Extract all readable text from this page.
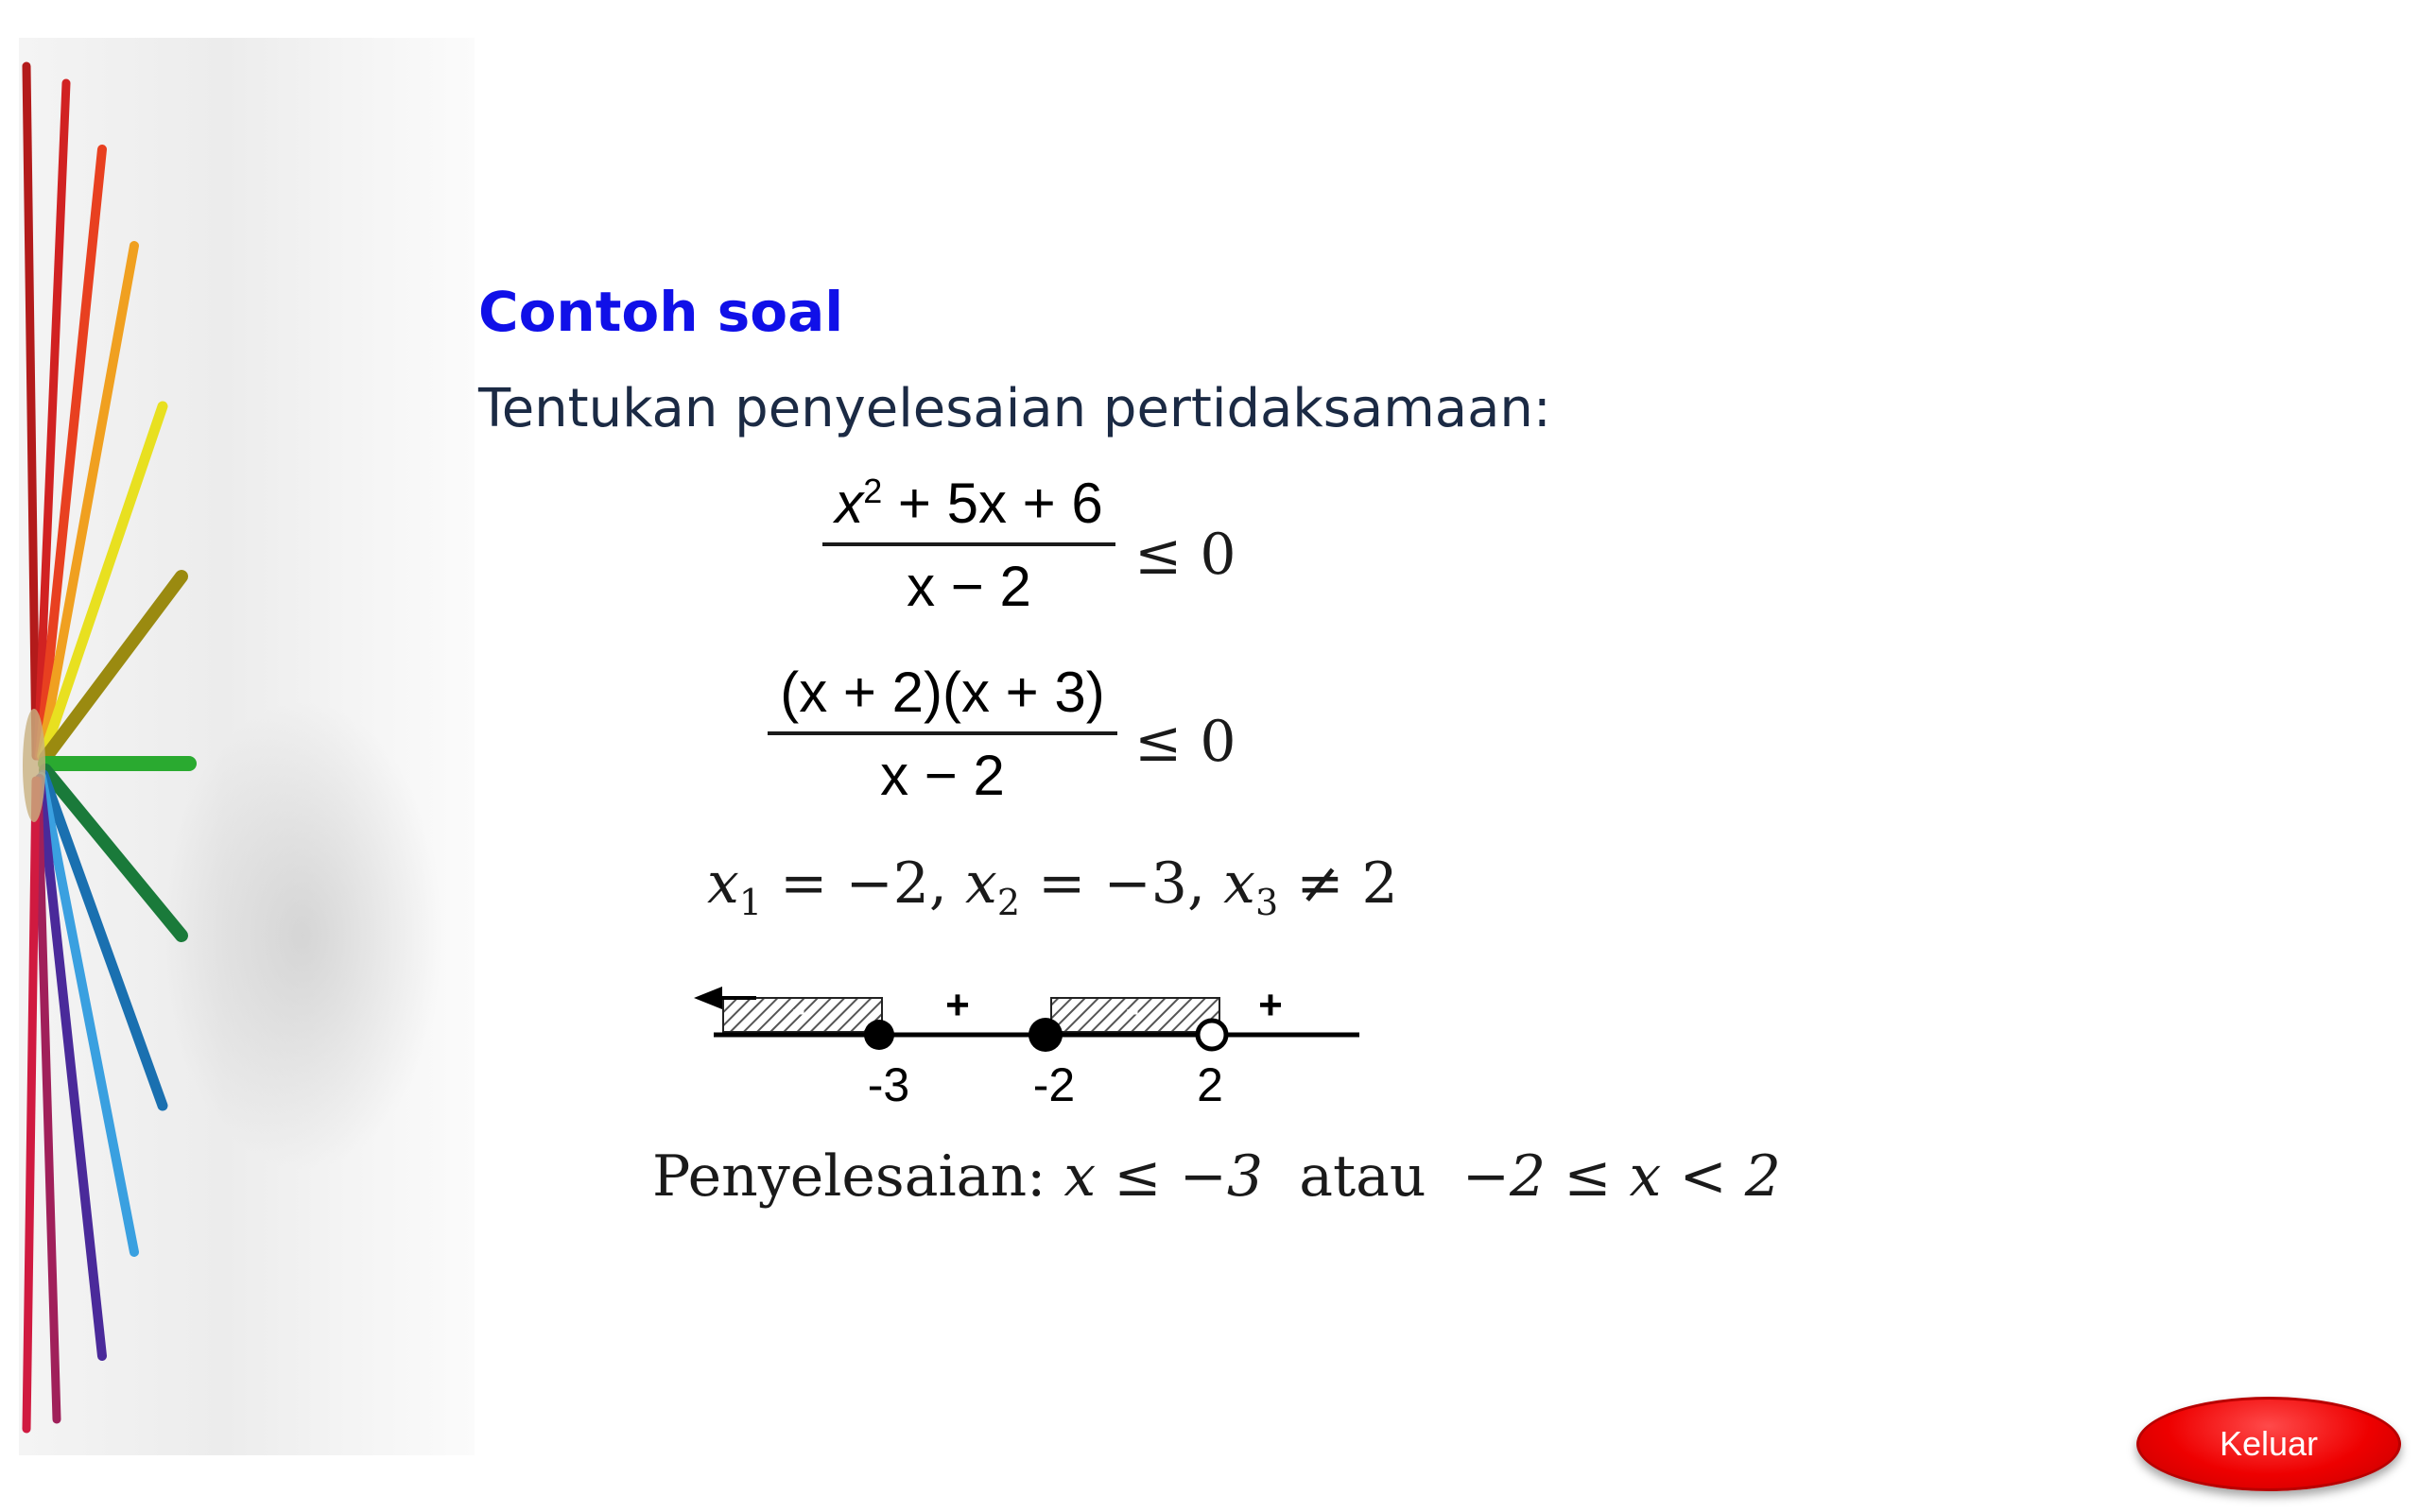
Contoh soal
Tentukan penyelesaian pertidaksamaan:
$x^2 + 5x + 6$
x − 2	≤ 0
(x + 2)(x + 3)
x − 2
≤ 0
$x_1 = -2$, $x_2 = -3$, $x_3 \ne 2$
-	+	-	+
-3	-2	2
Penyelesaian: x ≤ −3  atau  −2 ≤ x < 2
Keluar
